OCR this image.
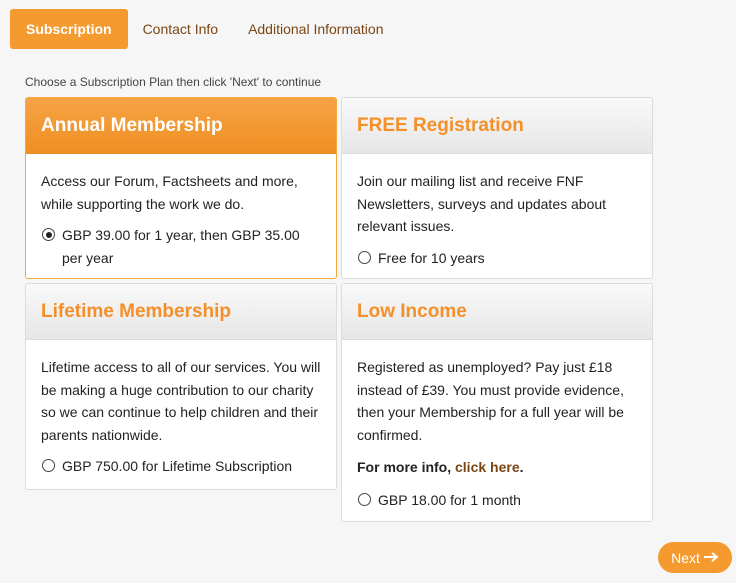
Subscription	Contact Info	Additional Information
Choose a Subscription Plan then click 'Next' to continue
Annual Membership

Access our Forum, Factsheets and more, while supporting the work we do.

GBP 39.00 for 1 year, then GBP 35.00 per year
FREE Registration

Join our mailing list and receive FNF Newsletters, surveys and updates about relevant issues.

Free for 10 years
Lifetime Membership

Lifetime access to all of our services. You will be making a huge contribution to our charity so we can continue to help children and their parents nationwide.

GBP 750.00 for Lifetime Subscription
Low Income

Registered as unemployed? Pay just £18 instead of £39. You must provide evidence, then your Membership for a full year will be confirmed.

For more info, click here.
GBP 18.00 for 1 month
Next
